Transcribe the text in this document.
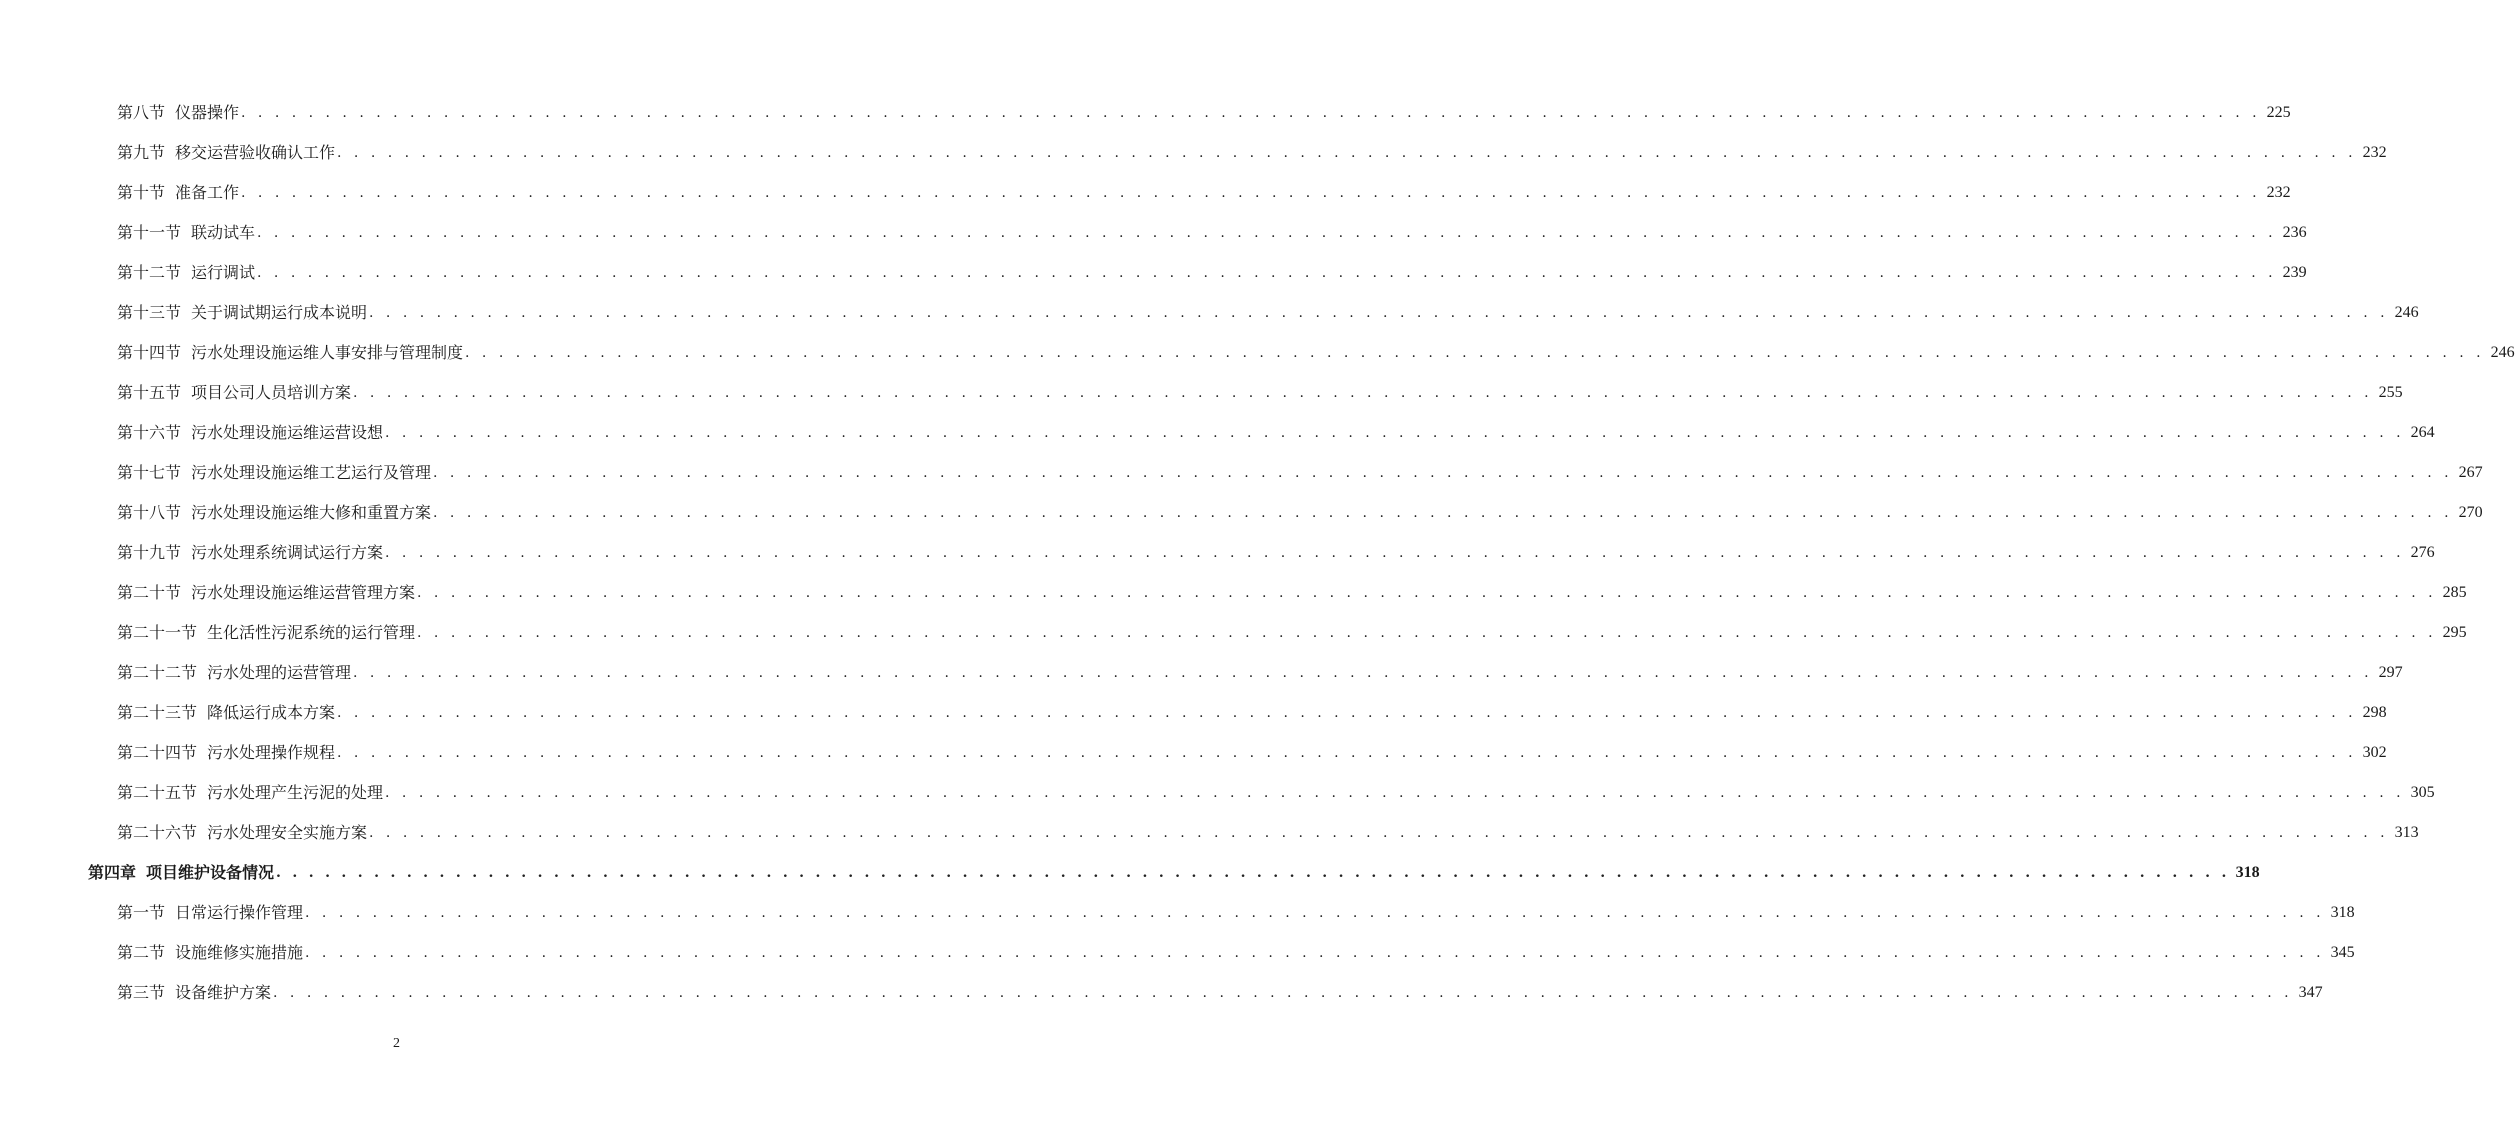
第八节 仪器操作 . . . . . . . . . . . . . . . . . . . . . . . . . . . . . . . . . . . . . . . . . . . . . . . . . . . . . . . . . . . . . . . . . . . . . . . . . . . . . . . . . . . . . . . . . . . . . . . . . . . . . . . . . . . . . . . . . . . . . . . . 225
第九节 移交运营验收确认工作 . . . . . . . . . . . . . . . . . . . . . . . . . . . . . . . . . . . . . . . . . . . . . . . . . . . . . . . . . . . . . . . . . . . . . . . . . . . . . . . . . . . . . . . . . . . . . . . . . . . . . . . . . . . . . . . . . . . . . . . . 232
第十节 准备工作 . . . . . . . . . . . . . . . . . . . . . . . . . . . . . . . . . . . . . . . . . . . . . . . . . . . . . . . . . . . . . . . . . . . . . . . . . . . . . . . . . . . . . . . . . . . . . . . . . . . . . . . . . . . . . . . . . . . . . . . . 232
第十一节 联动试车 . . . . . . . . . . . . . . . . . . . . . . . . . . . . . . . . . . . . . . . . . . . . . . . . . . . . . . . . . . . . . . . . . . . . . . . . . . . . . . . . . . . . . . . . . . . . . . . . . . . . . . . . . . . . . . . . . . . . . . . . 236
第十二节 运行调试 . . . . . . . . . . . . . . . . . . . . . . . . . . . . . . . . . . . . . . . . . . . . . . . . . . . . . . . . . . . . . . . . . . . . . . . . . . . . . . . . . . . . . . . . . . . . . . . . . . . . . . . . . . . . . . . . . . . . . . . . 239
第十三节 关于调试期运行成本说明 . . . . . . . . . . . . . . . . . . . . . . . . . . . . . . . . . . . . . . . . . . . . . . . . . . . . . . . . . . . . . . . . . . . . . . . . . . . . . . . . . . . . . . . . . . . . . . . . . . . . . . . . . . . . . . . . . . . . . . . . 246
第十四节 污水处理设施运维人事安排与管理制度 . . . . . . . . . . . . . . . . . . . . . . . . . . . . . . . . . . . . . . . . . . . . . . . . . . . . . . . . . . . . . . . . . . . . . . . . . . . . . . . . . . . . . . . . . . . . . . . . . . . . . . . . . . . . . . . . . . . . . . . . 246
第十五节 项目公司人员培训方案 . . . . . . . . . . . . . . . . . . . . . . . . . . . . . . . . . . . . . . . . . . . . . . . . . . . . . . . . . . . . . . . . . . . . . . . . . . . . . . . . . . . . . . . . . . . . . . . . . . . . . . . . . . . . . . . . . . . . . . . . 255
第十六节 污水处理设施运维运营设想 . . . . . . . . . . . . . . . . . . . . . . . . . . . . . . . . . . . . . . . . . . . . . . . . . . . . . . . . . . . . . . . . . . . . . . . . . . . . . . . . . . . . . . . . . . . . . . . . . . . . . . . . . . . . . . . . . . . . . . . . 264
第十七节 污水处理设施运维工艺运行及管理 . . . . . . . . . . . . . . . . . . . . . . . . . . . . . . . . . . . . . . . . . . . . . . . . . . . . . . . . . . . . . . . . . . . . . . . . . . . . . . . . . . . . . . . . . . . . . . . . . . . . . . . . . . . . . . . . . . . . . . . . 267
第十八节 污水处理设施运维大修和重置方案 . . . . . . . . . . . . . . . . . . . . . . . . . . . . . . . . . . . . . . . . . . . . . . . . . . . . . . . . . . . . . . . . . . . . . . . . . . . . . . . . . . . . . . . . . . . . . . . . . . . . . . . . . . . . . . . . . . . . . . . . 270
第十九节 污水处理系统调试运行方案 . . . . . . . . . . . . . . . . . . . . . . . . . . . . . . . . . . . . . . . . . . . . . . . . . . . . . . . . . . . . . . . . . . . . . . . . . . . . . . . . . . . . . . . . . . . . . . . . . . . . . . . . . . . . . . . . . . . . . . . . 276
第二十节 污水处理设施运维运营管理方案 . . . . . . . . . . . . . . . . . . . . . . . . . . . . . . . . . . . . . . . . . . . . . . . . . . . . . . . . . . . . . . . . . . . . . . . . . . . . . . . . . . . . . . . . . . . . . . . . . . . . . . . . . . . . . . . . . . . . . . . . 285
第二十一节 生化活性污泥系统的运行管理 . . . . . . . . . . . . . . . . . . . . . . . . . . . . . . . . . . . . . . . . . . . . . . . . . . . . . . . . . . . . . . . . . . . . . . . . . . . . . . . . . . . . . . . . . . . . . . . . . . . . . . . . . . . . . . . . . . . . . . . . 295
第二十二节 污水处理的运营管理 . . . . . . . . . . . . . . . . . . . . . . . . . . . . . . . . . . . . . . . . . . . . . . . . . . . . . . . . . . . . . . . . . . . . . . . . . . . . . . . . . . . . . . . . . . . . . . . . . . . . . . . . . . . . . . . . . . . . . . . . 297
第二十三节 降低运行成本方案 . . . . . . . . . . . . . . . . . . . . . . . . . . . . . . . . . . . . . . . . . . . . . . . . . . . . . . . . . . . . . . . . . . . . . . . . . . . . . . . . . . . . . . . . . . . . . . . . . . . . . . . . . . . . . . . . . . . . . . . . 298
第二十四节 污水处理操作规程 . . . . . . . . . . . . . . . . . . . . . . . . . . . . . . . . . . . . . . . . . . . . . . . . . . . . . . . . . . . . . . . . . . . . . . . . . . . . . . . . . . . . . . . . . . . . . . . . . . . . . . . . . . . . . . . . . . . . . . . . 302
第二十五节 污水处理产生污泥的处理 . . . . . . . . . . . . . . . . . . . . . . . . . . . . . . . . . . . . . . . . . . . . . . . . . . . . . . . . . . . . . . . . . . . . . . . . . . . . . . . . . . . . . . . . . . . . . . . . . . . . . . . . . . . . . . . . . . . . . . . . 305
第二十六节 污水处理安全实施方案 . . . . . . . . . . . . . . . . . . . . . . . . . . . . . . . . . . . . . . . . . . . . . . . . . . . . . . . . . . . . . . . . . . . . . . . . . . . . . . . . . . . . . . . . . . . . . . . . . . . . . . . . . . . . . . . . . . . . . . . . 313
第四章 项目维护设备情况 . . . . . . . . . . . . . . . . . . . . . . . . . . . . . . . . . . . . . . . . . . . . . . . . . . . . . . . . . . . . . . . . . . . . . . . . . . . . . . . . . . . . . . . . . . . . . . . . . . . . . . . . . . . . . . . . . . . . . . . . 318
第一节 日常运行操作管理 . . . . . . . . . . . . . . . . . . . . . . . . . . . . . . . . . . . . . . . . . . . . . . . . . . . . . . . . . . . . . . . . . . . . . . . . . . . . . . . . . . . . . . . . . . . . . . . . . . . . . . . . . . . . . . . . . . . . . . . . 318
第二节 设施维修实施措施 . . . . . . . . . . . . . . . . . . . . . . . . . . . . . . . . . . . . . . . . . . . . . . . . . . . . . . . . . . . . . . . . . . . . . . . . . . . . . . . . . . . . . . . . . . . . . . . . . . . . . . . . . . . . . . . . . . . . . . . . 345
第三节 设备维护方案 . . . . . . . . . . . . . . . . . . . . . . . . . . . . . . . . . . . . . . . . . . . . . . . . . . . . . . . . . . . . . . . . . . . . . . . . . . . . . . . . . . . . . . . . . . . . . . . . . . . . . . . . . . . . . . . . . . . . . . . . 347
2
